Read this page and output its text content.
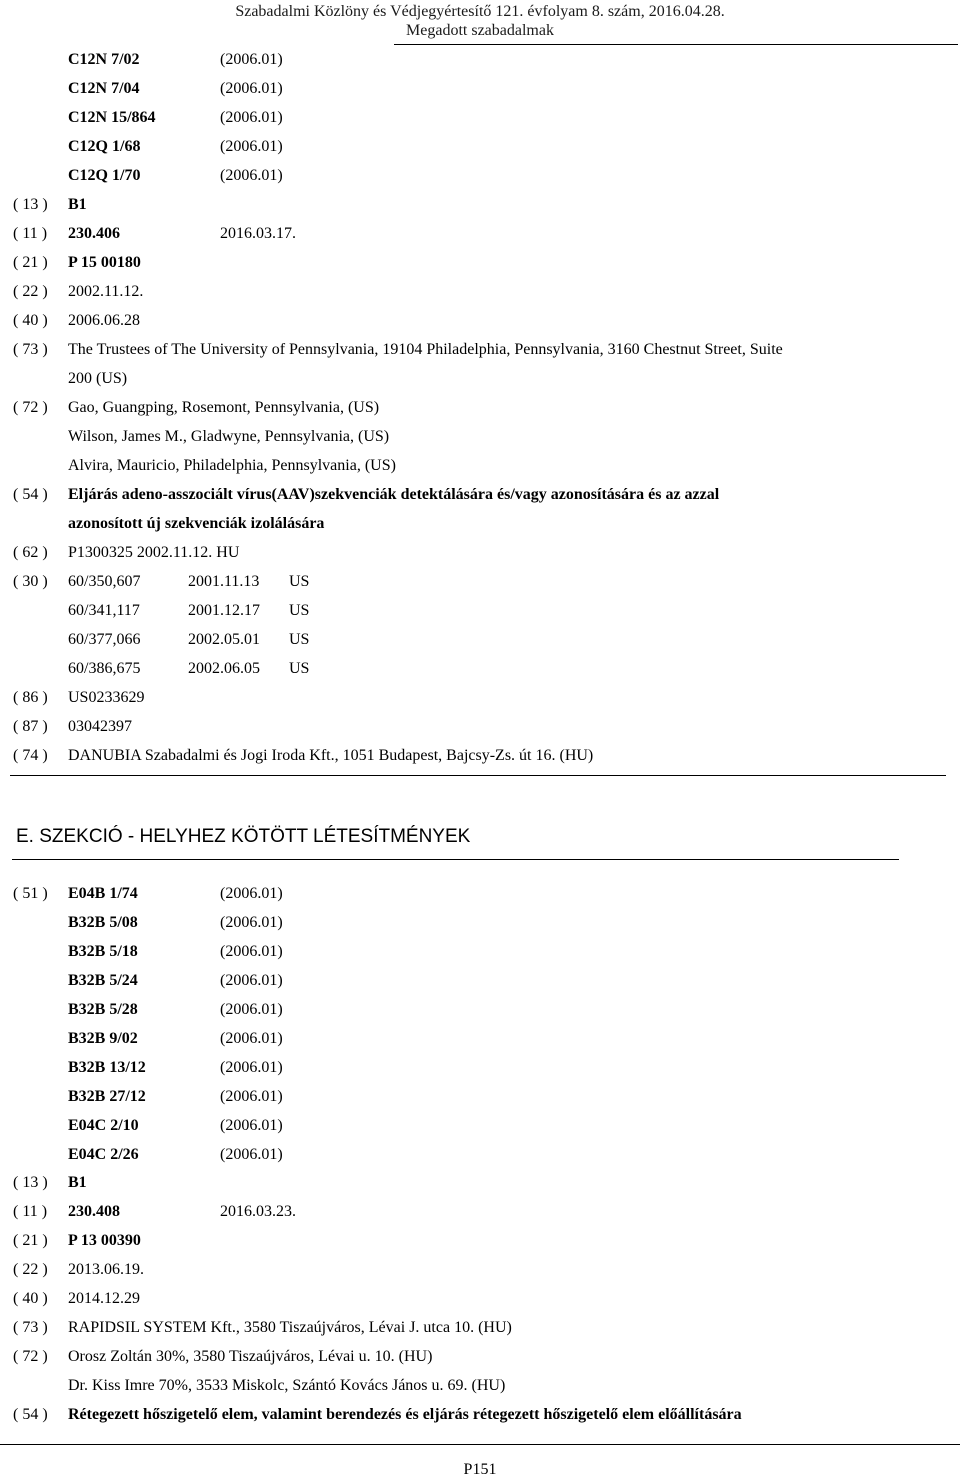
Szabadalmi Közlöny és Védjegyértesítő 121. évfolyam 8. szám, 2016.04.28.
Megadott szabadalmak
C12N 7/02	(2006.01)
C12N 7/04	(2006.01)
C12N 15/864	(2006.01)
C12Q 1/68	(2006.01)
C12Q 1/70	(2006.01)
( 13 ) B1
( 11 ) 230.406	2016.03.17.
( 21 ) P 15 00180
( 22 ) 2002.11.12.
( 40 ) 2006.06.28
( 73 ) The Trustees of The University of Pennsylvania, 19104 Philadelphia, Pennsylvania, 3160 Chestnut Street, Suite
200 (US)
( 72 ) Gao, Guangping, Rosemont, Pennsylvania, (US)
Wilson, James M., Gladwyne, Pennsylvania, (US)
Alvira, Mauricio, Philadelphia, Pennsylvania, (US)
( 54 ) Eljárás adeno-asszociált vírus(AAV)szekvenciák detektálására és/vagy azonosítására és az azzal
azonosított új szekvenciák izolálására
( 62 ) P1300325 2002.11.12. HU
( 30 ) 60/350,607	2001.11.13 US
60/341,117	2001.12.17 US
60/377,066	2002.05.01 US
60/386,675	2002.06.05 US
( 86 ) US0233629
( 87 ) 03042397
( 74 ) DANUBIA Szabadalmi és Jogi Iroda Kft., 1051 Budapest, Bajcsy-Zs. út 16. (HU)
E. SZEKCIÓ - HELYHEZ KÖTÖTT LÉTESÍTMÉNYEK
( 51 ) E04B 1/74	(2006.01)
B32B 5/08	(2006.01)
B32B 5/18	(2006.01)
B32B 5/24	(2006.01)
B32B 5/28	(2006.01)
B32B 9/02	(2006.01)
B32B 13/12	(2006.01)
B32B 27/12	(2006.01)
E04C 2/10	(2006.01)
E04C 2/26	(2006.01)
( 13 ) B1
( 11 ) 230.408	2016.03.23.
( 21 ) P 13 00390
( 22 ) 2013.06.19.
( 40 ) 2014.12.29
( 73 ) RAPIDSIL SYSTEM Kft., 3580 Tiszaújváros, Lévai J. utca 10. (HU)
( 72 ) Orosz Zoltán 30%, 3580 Tiszaújváros, Lévai u. 10. (HU)
Dr. Kiss Imre 70%, 3533 Miskolc, Szántó Kovács János u. 69. (HU)
( 54 ) Rétegezett hőszigetelő elem, valamint berendezés és eljárás rétegezett hőszigetelő elem előállítására
P151
